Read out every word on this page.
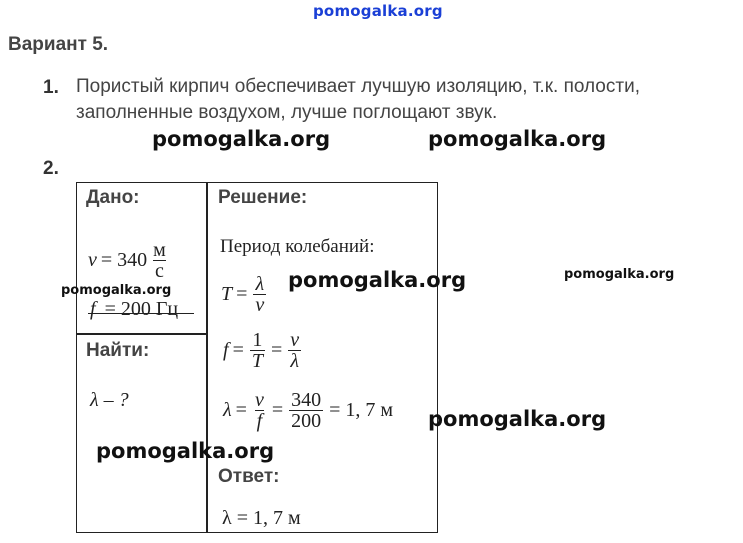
pomogalka.org
Вариант 5.
1. Пористый кирпич обеспечивает лучшую изоляцию, т.к. полости,
заполненные воздухом, лучше поглощают звук.
pomogalka.org	pomogalka.org
2.
Дано:
$v = 340 \frac{м}{с}$
pomogalka.org
f = 200 Гц
Найти:
λ – ?
pomogalka.org
Решение:
Период колебаний:
pomogalka.org	pomogalka.org
$T = \frac{\lambda}{v}$
$f = \frac{1}{T} = \frac{v}{\lambda}$
$\lambda = \frac{v}{f} = \frac{340}{200} = 1$, 7 м pomogalka.org
Ответ:
λ = 1, 7 м
